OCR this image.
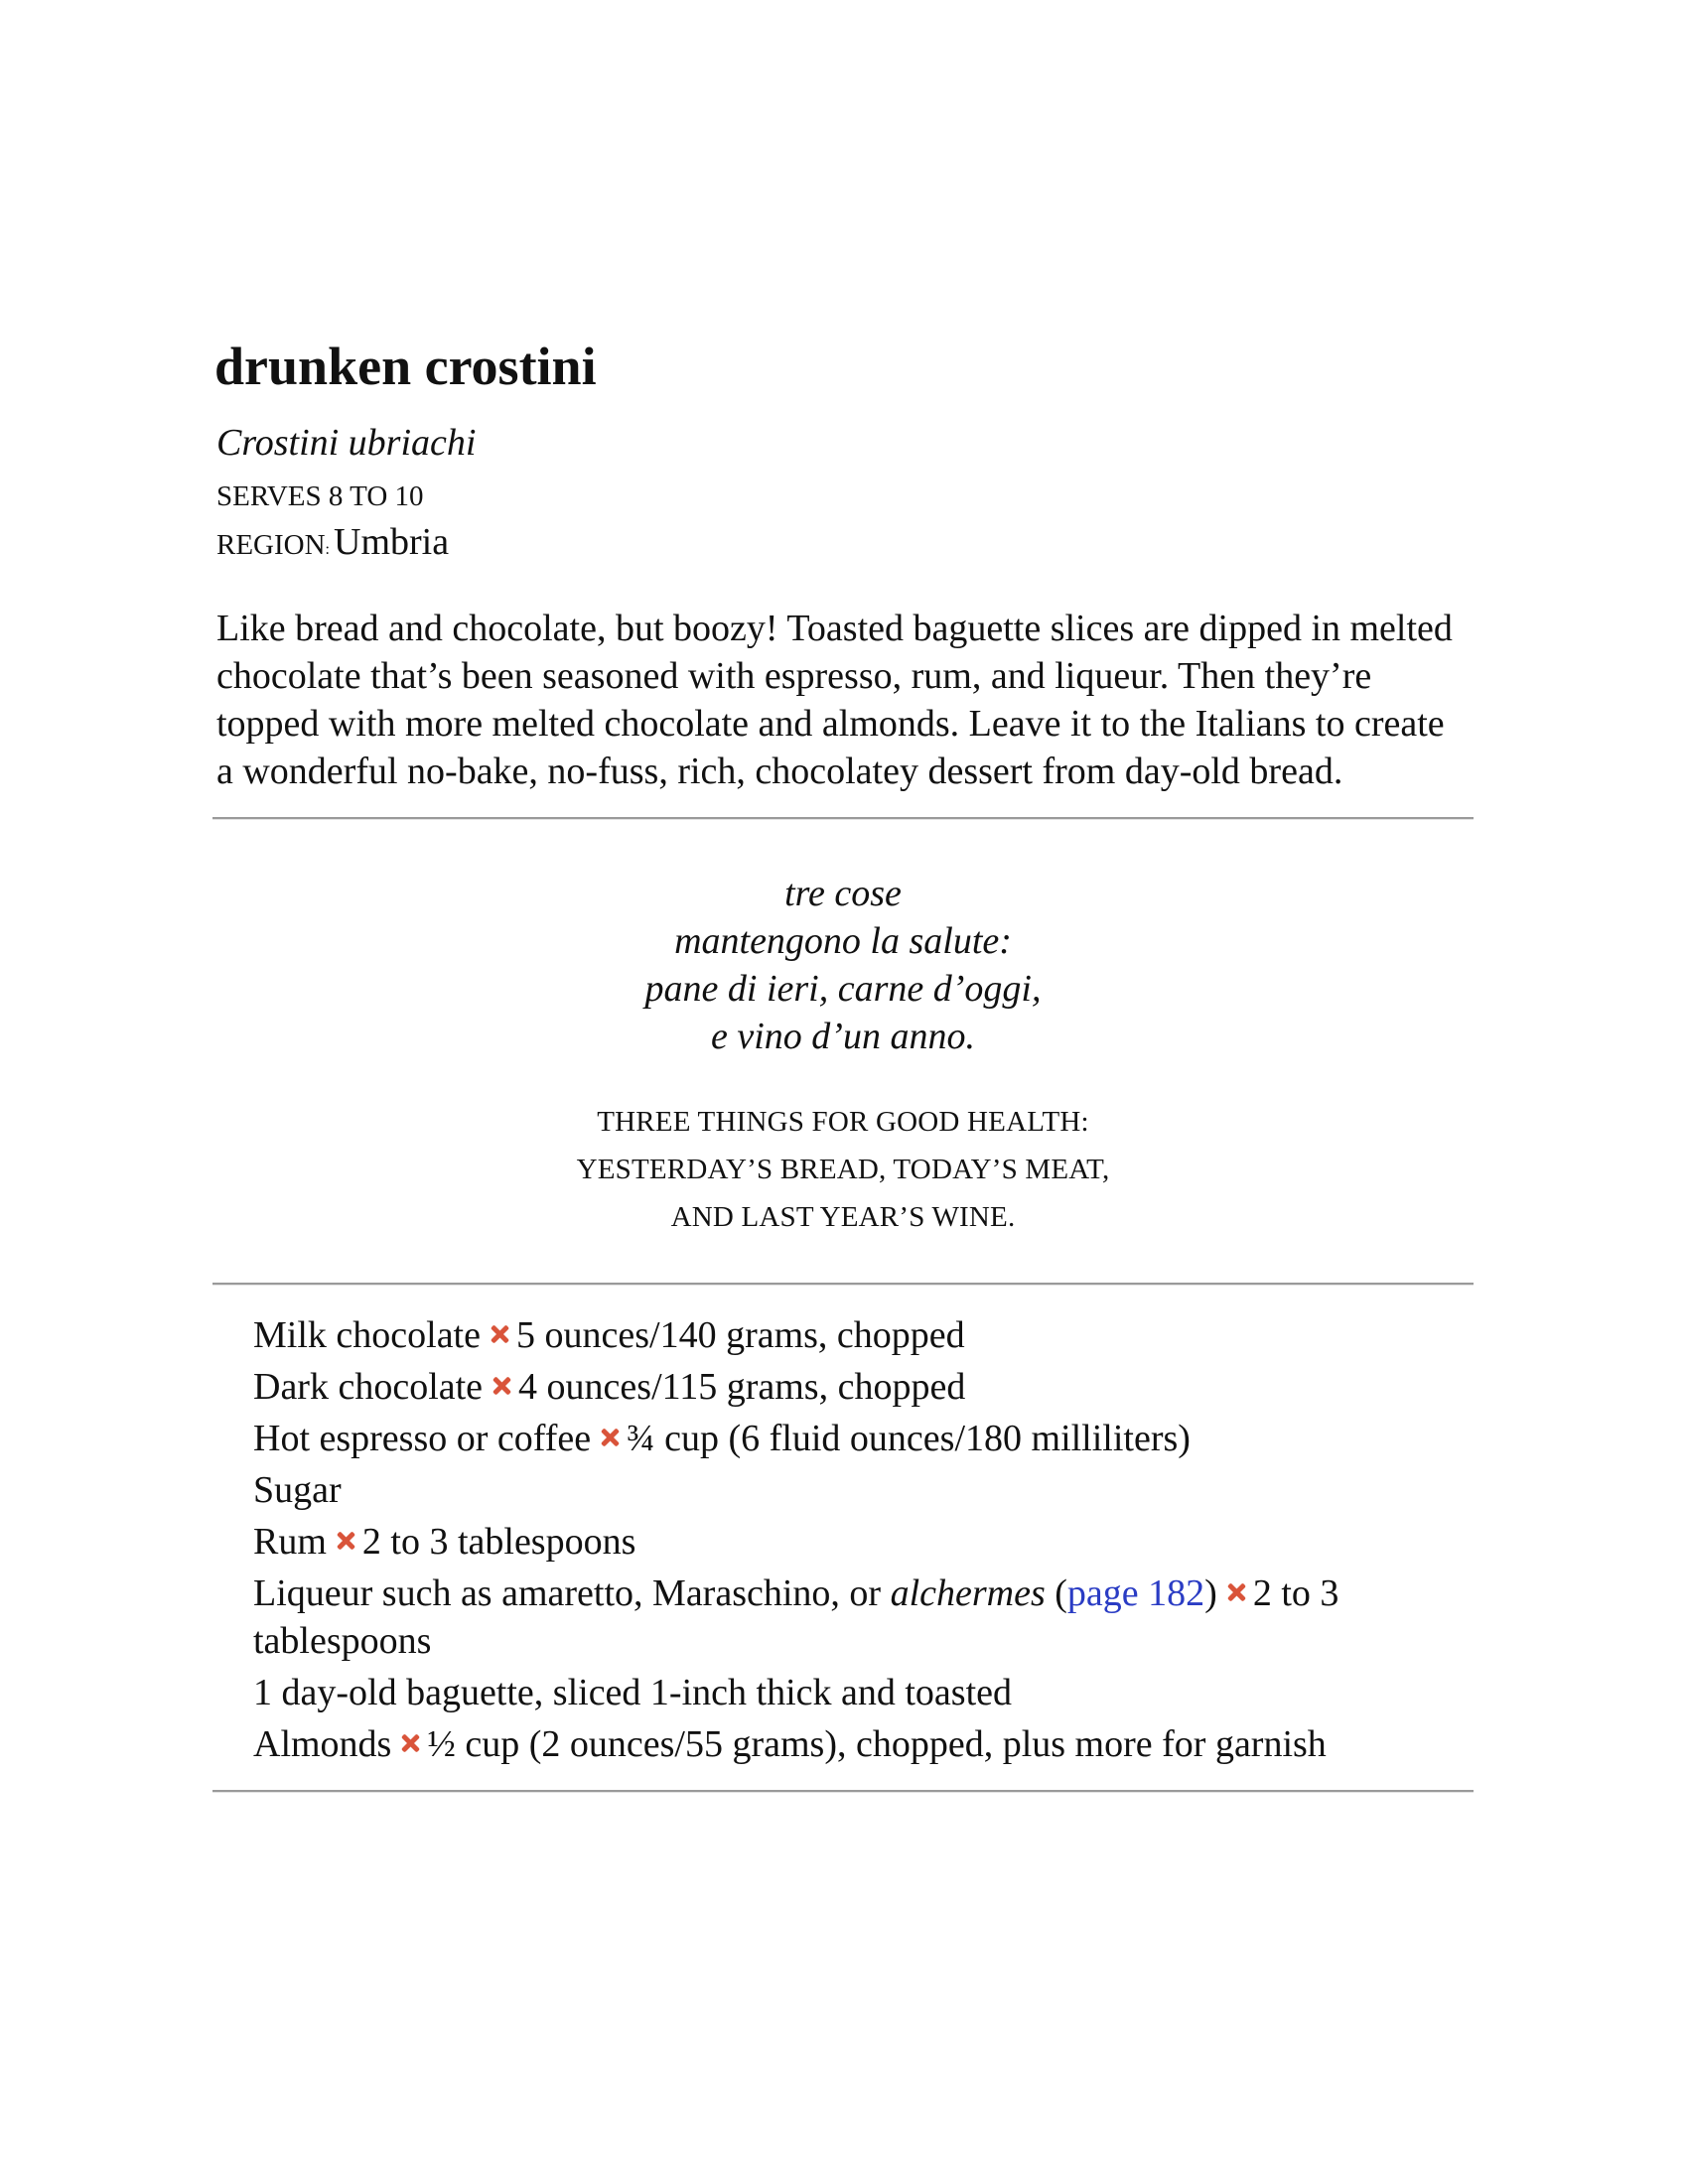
drunken crostini
Crostini ubriachi
SERVES 8 TO 10
REGION: Umbria

Like bread and chocolate, but boozy! Toasted baguette slices are dipped in melted chocolate that’s been seasoned with espresso, rum, and liqueur. Then they’re topped with more melted chocolate and almonds. Leave it to the Italians to create a wonderful no-bake, no-fuss, rich, chocolatey dessert from day-old bread.

tre cose
mantengono la salute:
pane di ieri, carne d’oggi,
e vino d’un anno.
THREE THINGS FOR GOOD HEALTH:
YESTERDAY’S BREAD, TODAY’S MEAT,
AND LAST YEAR’S WINE.
Milk chocolate 5 ounces/140 grams, chopped
Dark chocolate 4 ounces/115 grams, chopped
Hot espresso or coffee ¾ cup (6 fluid ounces/180 milliliters)
Sugar
Rum 2 to 3 tablespoons
Liqueur such as amaretto, Maraschino, or alchermes (page 182) 2 to 3 tablespoons
1 day-old baguette, sliced 1-inch thick and toasted
Almonds ½ cup (2 ounces/55 grams), chopped, plus more for garnish
